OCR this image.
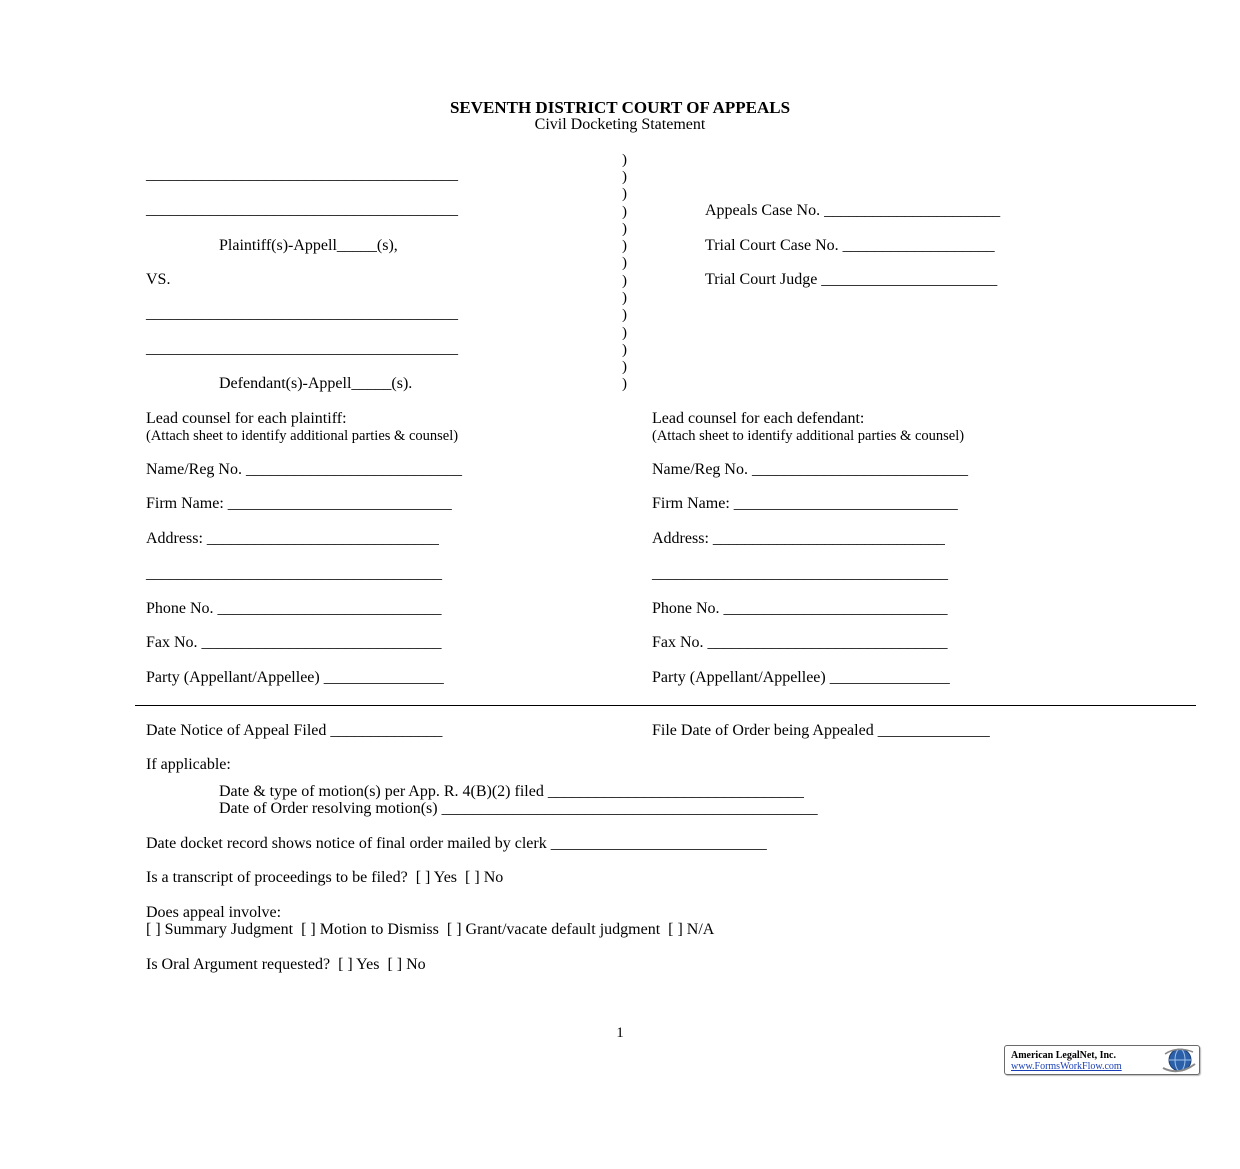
SEVENTH DISTRICT COURT OF APPEALS
Civil Docketing Statement
_______________________________________
_______________________________________
Plaintiff(s)-Appell_____(s),
VS.
_______________________________________
_______________________________________
Defendant(s)-Appell_____(s).
)
)
)
)
)
)
)
)
)
)
)
)
)
)
Appeals Case No. ______________________
Trial Court Case No. ___________________
Trial Court Judge ______________________
Lead counsel for each plaintiff:
(Attach sheet to identify additional parties & counsel)
Name/Reg No. ___________________________
Firm Name: ____________________________
Address: _____________________________
_____________________________________
Phone No. ____________________________
Fax No. ______________________________
Party (Appellant/Appellee) _______________
Lead counsel for each defendant:
(Attach sheet to identify additional parties & counsel)
Name/Reg No. ___________________________
Firm Name: ____________________________
Address: _____________________________
_____________________________________
Phone No. ____________________________
Fax No. ______________________________
Party (Appellant/Appellee) _______________
Date Notice of Appeal Filed ______________	File Date of Order being Appealed ______________
If applicable:
Date & type of motion(s) per App. R. 4(B)(2) filed ________________________________
Date of Order resolving motion(s) _______________________________________________
Date docket record shows notice of final order mailed by clerk ___________________________
Is a transcript of proceedings to be filed? [ ] Yes [ ] No
Does appeal involve:
[ ] Summary Judgment [ ] Motion to Dismiss [ ] Grant/vacate default judgment [ ] N/A
Is Oral Argument requested? [ ] Yes [ ] No
1
American LegalNet, Inc.
www.FormsWorkFlow.com
